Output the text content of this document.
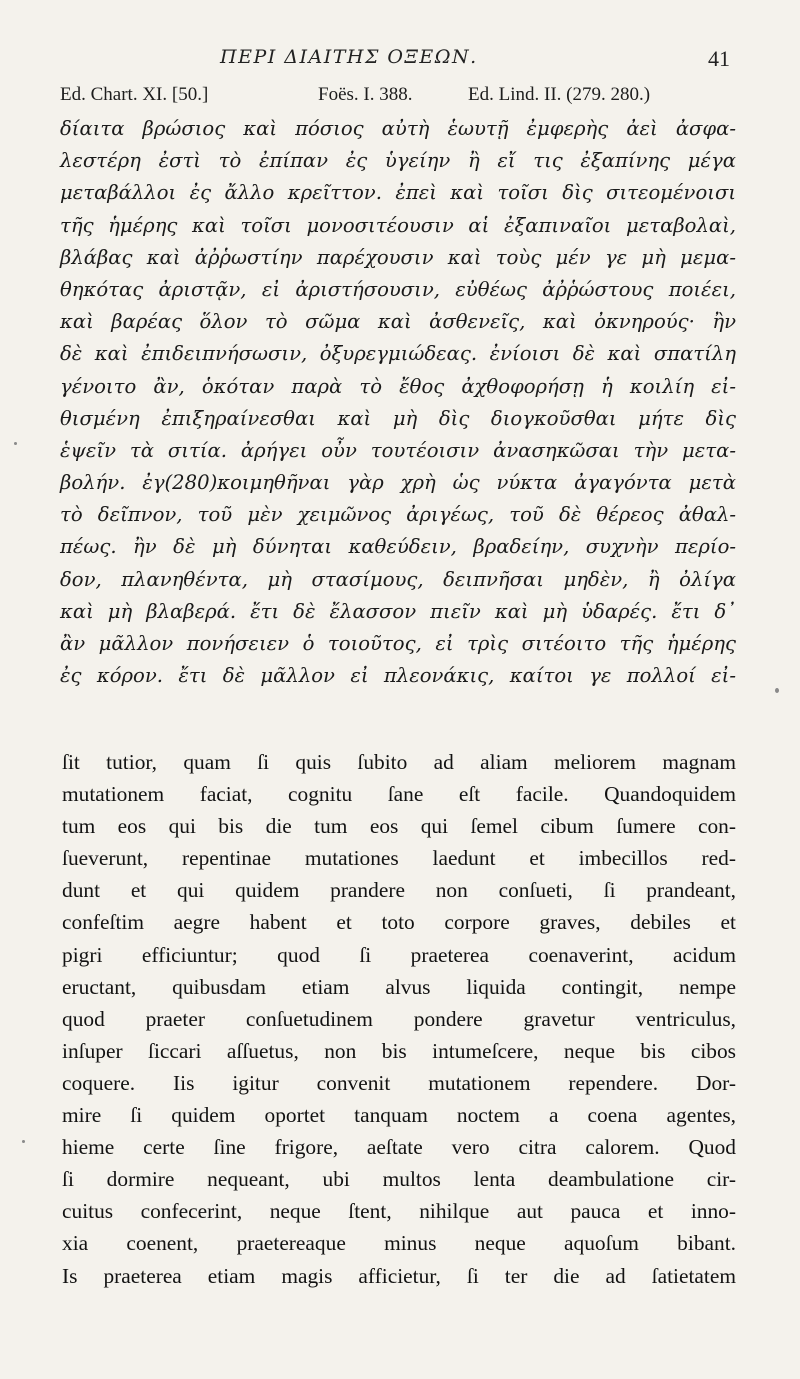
ΠΕΡΙ ΔΙΑΙΤΗΣ ΟΞΕΩΝ.	41
Ed. Chart. XI. [50.]	Foës. I. 388.	Ed. Lind. II. (279. 280.)
δίαιτα βρώσιος καὶ πόσιος αὐτὴ ἑωυτῇ ἐμφερὴς ἀεὶ ἀσφα-
λεστέρη ἐστὶ τὸ ἐπίπαν ἐς ὑγείην ἢ εἴ τις ἐξαπίνης μέγα
μεταβάλλοι ἐς ἄλλο κρεῖττον. ἐπεὶ καὶ τοῖσι δὶς σιτεομένοισι
τῆς ἡμέρης καὶ τοῖσι μονοσιτέουσιν αἱ ἐξαπιναῖοι μεταβολαὶ,
βλάβας καὶ ἀῤῥωστίην παρέχουσιν καὶ τοὺς μέν γε μὴ μεμα-
θηκότας ἀριστᾷν, εἰ ἀριστήσουσιν, εὐθέως ἀῤῥώστους ποιέει,
καὶ βαρέας ὅλον τὸ σῶμα καὶ ἀσθενεῖς, καὶ ὀκνηρούς· ἢν
δὲ καὶ ἐπιδειπνήσωσιν, ὀξυρεγμιώδεας. ἐνίοισι δὲ καὶ σπατίλη
γένοιτο ἂν, ὁκόταν παρὰ τὸ ἔθος ἀχθοφορήσῃ ἡ κοιλίη εἰ-
θισμένη ἐπιξηραίνεσθαι καὶ μὴ δὶς διογκοῦσθαι μήτε δὶς
ἑψεῖν τὰ σιτία. ἀρήγει οὖν τουτέοισιν ἀνασηκῶσαι τὴν μετα-
βολήν. ἐγ(280)κοιμηθῆναι γὰρ χρὴ ὡς νύκτα ἀγαγόντα μετὰ
τὸ δεῖπνον, τοῦ μὲν χειμῶνος ἀριγέως, τοῦ δὲ θέρεος ἀθαλ-
πέως. ἢν δὲ μὴ δύνηται καθεύδειν, βραδείην, συχνὴν περίο-
δον, πλανηθέντα, μὴ στασίμους, δειπνῆσαι μηδὲν, ἢ ὀλίγα
καὶ μὴ βλαβερά. ἔτι δὲ ἔλασσον πιεῖν καὶ μὴ ὑδαρές. ἔτι δ᾽
ἂν μᾶλλον πονήσειεν ὁ τοιοῦτος, εἰ τρὶς σιτέοιτο τῆς ἡμέρης
ἐς κόρον. ἔτι δὲ μᾶλλον εἰ πλεονάκις, καίτοι γε πολλοί εἰ-
ſit tutior, quam ſi quis ſubito ad aliam meliorem magnam
mutationem faciat, cognitu ſane eſt facile. Quandoquidem
tum eos qui bis die tum eos qui ſemel cibum ſumere con-
ſueverunt, repentinae mutationes laedunt et imbecillos red-
dunt et qui quidem prandere non conſueti, ſi prandeant,
confeſtim aegre habent et toto corpore graves, debiles et
pigri efficiuntur; quod ſi praeterea coenaverint, acidum
eructant, quibusdam etiam alvus liquida contingit, nempe
quod praeter conſuetudinem pondere gravetur ventriculus,
inſuper ſiccari aſſuetus, non bis intumeſcere, neque bis cibos
coquere. Iis igitur convenit mutationem rependere. Dor-
mire ſi quidem oportet tanquam noctem a coena agentes,
hieme certe ſine frigore, aeſtate vero citra calorem. Quod
ſi dormire nequeant, ubi multos lenta deambulatione cir-
cuitus confecerint, neque ſtent, nihilque aut pauca et inno-
xia coenent, praetereaque minus neque aquoſum bibant.
Is praeterea etiam magis afficietur, ſi ter die ad ſatietatem
